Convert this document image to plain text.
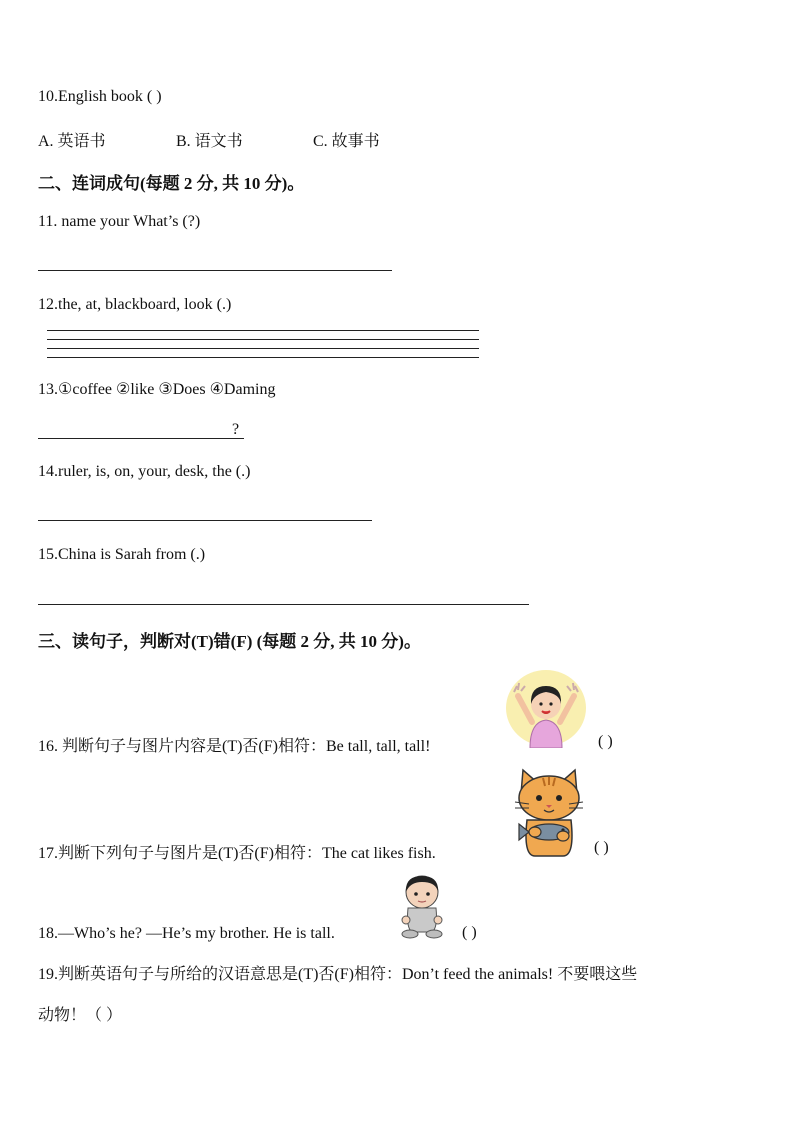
10.English book ( )
A. 英语书	B. 语文书	C. 故事书
二、连词成句(每题 2 分, 共 10 分)。
11. name your What’s (?)
12.the, at, blackboard, look (.)
13.①coffee ②like ③Does ④Daming
?
14.ruler, is, on, your, desk, the (.)
15.China is Sarah from (.)
三、读句子，判断对(T)错(F) (每题 2 分, 共 10 分)。
16. 判断句子与图片内容是(T)否(F)相符：Be tall, tall, tall!	( )
17.判断下列句子与图片是(T)否(F)相符：The cat likes fish.	( )
18.—Who’s he? —He’s my brother. He is tall.	( )
19.判断英语句子与所给的汉语意思是(T)否(F)相符：Don’t feed the animals! 不要喂这些
动物！（ ）
